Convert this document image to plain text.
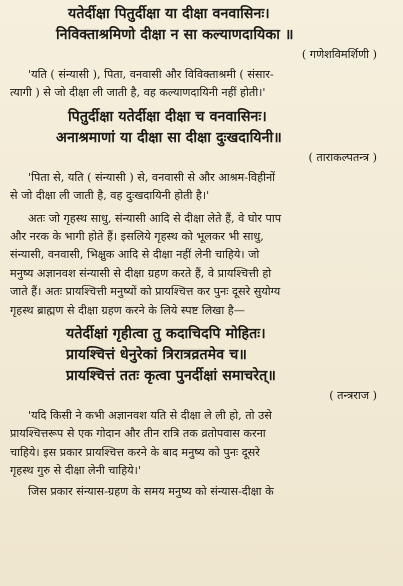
यतेर्दीक्षा पितुर्दीक्षा या दीक्षा वनवासिनः।
निविक्ताश्रमिणो दीक्षा न सा कल्याणदायिका ॥
( गणेशविमर्शिणी )
'यति ( संन्यासी ), पिता, वनवासी और विविक्ताश्रमी ( संसार-
त्यागी ) से जो दीक्षा ली जाती है, वह कल्याणदायिनी नहीं होती।'
पितुर्दीक्षा यतेर्दीक्षा दीक्षा च वनवासिनः।
अनाश्रमाणां या दीक्षा सा दीक्षा दुःखदायिनी॥
( ताराकल्पतन्त्र )
'पिता से, यति ( संन्यासी ) से, वनवासी से और आश्रम-विहीनों
से जो दीक्षा ली जाती है, वह दुःखदायिनी होती है।'
अतः जो गृहस्थ साधु, संन्यासी आदि से दीक्षा लेते हैं, वे घोर पाप
और नरक के भागी होते हैं। इसलिये गृहस्थ को भूलकर भी साधु,
संन्यासी, वनवासी, भिक्षुक आदि से दीक्षा नहीं लेनी चाहिये। जो
मनुष्य अज्ञानवश संन्यासी से दीक्षा ग्रहण करते हैं, वे प्रायश्चित्ती हो
जाते हैं। अतः प्रायश्चित्ती मनुष्यों को प्रायश्चित्त कर पुनः दूसरे सुयोग्य
गृहस्थ ब्राह्मण से दीक्षा ग्रहण करने के लिये स्पष्ट लिखा है—
यतेर्दीक्षां गृहीत्वा तु कदाचिदपि मोहितः।
प्रायश्चित्तं धेनुरेकां त्रिरात्रव्रतमेव च॥
प्रायश्चित्तं ततः कृत्वा पुनर्दीक्षां समाचरेत्॥
( तन्त्रराज )
'यदि किसी ने कभी अज्ञानवश यति से दीक्षा ले ली हो, तो उसे
प्रायश्चित्तरूप से एक गोदान और तीन रात्रि तक व्रतोपवास करना
चाहिये। इस प्रकार प्रायश्चित्त करने के बाद मनुष्य को पुनः दूसरे
गृहस्थ गुरु से दीक्षा लेनी चाहिये।'
जिस प्रकार संन्यास-ग्रहण के समय मनुष्य को संन्यास-दीक्षा के
